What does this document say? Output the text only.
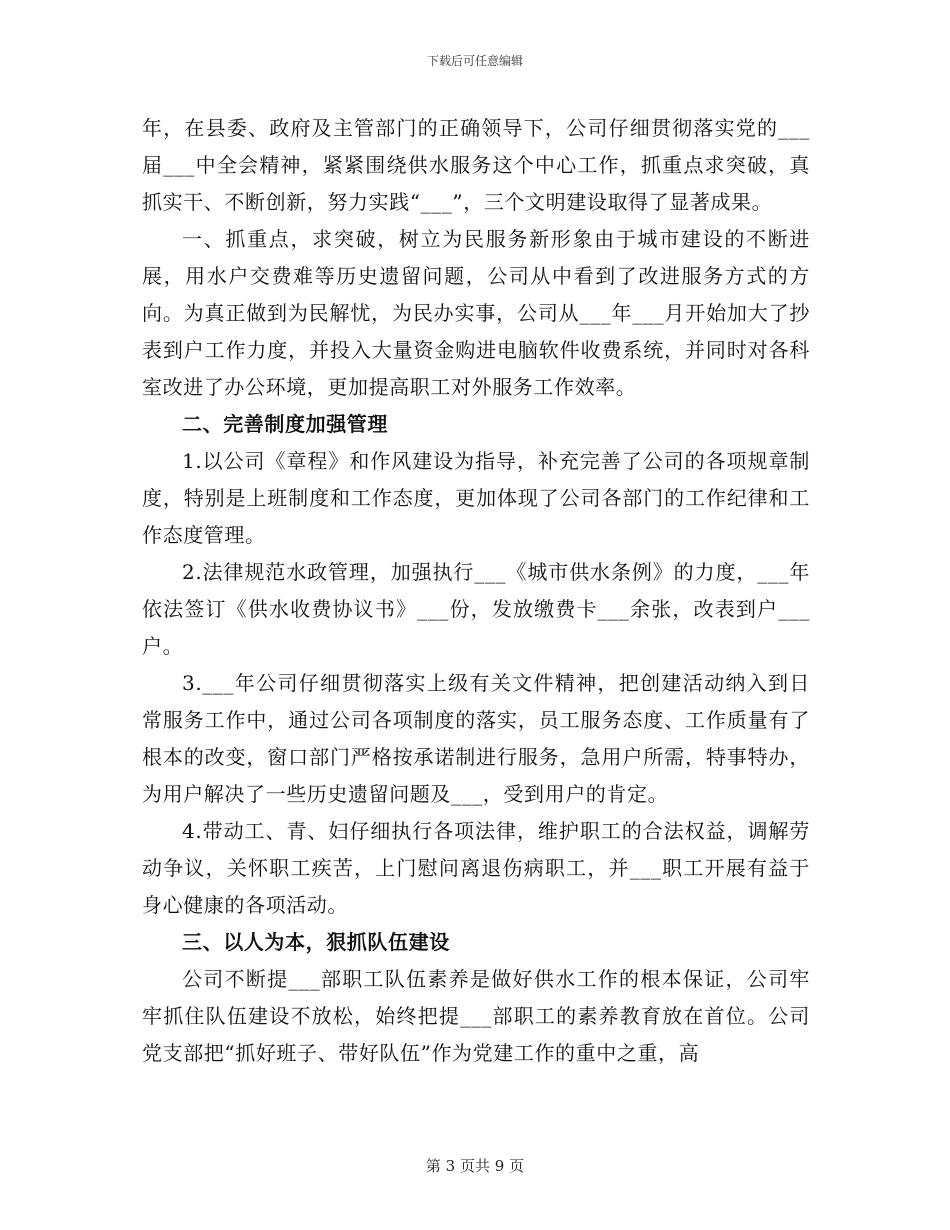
下载后可任意编辑

年，在县委、政府及主管部门的正确领导下，公司仔细贯彻落实党的___届___中全会精神，紧紧围绕供水服务这个中心工作，抓重点求突破，真抓实干、不断创新，努力实践“___”，三个文明建设取得了显著成果。

一、抓重点，求突破，树立为民服务新形象由于城市建设的不断进展，用水户交费难等历史遗留问题，公司从中看到了改进服务方式的方向。为真正做到为民解忧，为民办实事，公司从___年___月开始加大了抄表到户工作力度，并投入大量资金购进电脑软件收费系统，并同时对各科室改进了办公环境，更加提高职工对外服务工作效率。

二、完善制度加强管理

1.以公司《章程》和作风建设为指导，补充完善了公司的各项规章制度，特别是上班制度和工作态度，更加体现了公司各部门的工作纪律和工作态度管理。

2.法律规范水政管理，加强执行___《城市供水条例》的力度，___年依法签订《供水收费协议书》___份，发放缴费卡___余张，改表到户___户。

3.___年公司仔细贯彻落实上级有关文件精神，把创建活动纳入到日常服务工作中，通过公司各项制度的落实，员工服务态度、工作质量有了根本的改变，窗口部门严格按承诺制进行服务，急用户所需，特事特办，为用户解决了一些历史遗留问题及___，受到用户的肯定。

4.带动工、青、妇仔细执行各项法律，维护职工的合法权益，调解劳动争议，关怀职工疾苦，上门慰问离退伤病职工，并___职工开展有益于身心健康的各项活动。

三、以人为本，狠抓队伍建设

公司不断提___部职工队伍素养是做好供水工作的根本保证，公司牢牢抓住队伍建设不放松，始终把提___部职工的素养教育放在首位。公司党支部把“抓好班子、带好队伍”作为党建工作的重中之重，高

第 3 页共 9 页
